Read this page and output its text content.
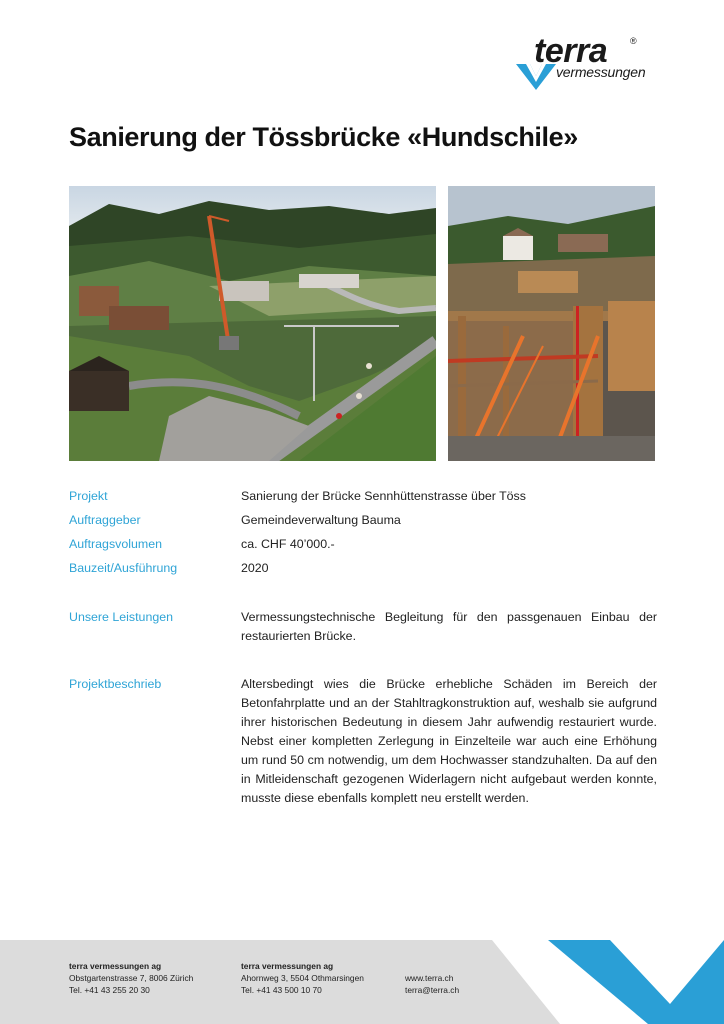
terra	®
vermessungen
Sanierung der Tössbrücke «Hundschile»
Projekt	Sanierung der Brücke Sennhüttenstrasse über Töss
Auftraggeber	Gemeindeverwaltung Bauma
Auftragsvolumen	ca. CHF 40’000.-
Bauzeit/Ausführung	2020
Unsere Leistungen	Vermessungstechnische Begleitung für den passgenauen Einbau der restaurierten Brücke.
Projektbeschrieb	Altersbedingt wies die Brücke erhebliche Schäden im Bereich der Betonfahrplatte und an der Stahltragkonstruktion auf, weshalb sie aufgrund ihrer historischen Bedeutung in diesem Jahr aufwendig restauriert wurde. Nebst einer kompletten Zerlegung in Einzelteile war auch eine Erhöhung um rund 50 cm notwendig, um dem Hochwasser standzuhalten. Da auf den in Mitleidenschaft gezogenen Widerlagern nicht aufgebaut werden konnte, musste diese ebenfalls komplett neu erstellt werden.
terra vermessungen ag
Obstgartenstrasse 7, 8006 Zürich
Tel. +41 43 255 20 30
terra vermessungen ag
Ahornweg 3, 5504 Othmarsingen
Tel. +41 43 500 10 70
www.terra.ch
terra@terra.ch
